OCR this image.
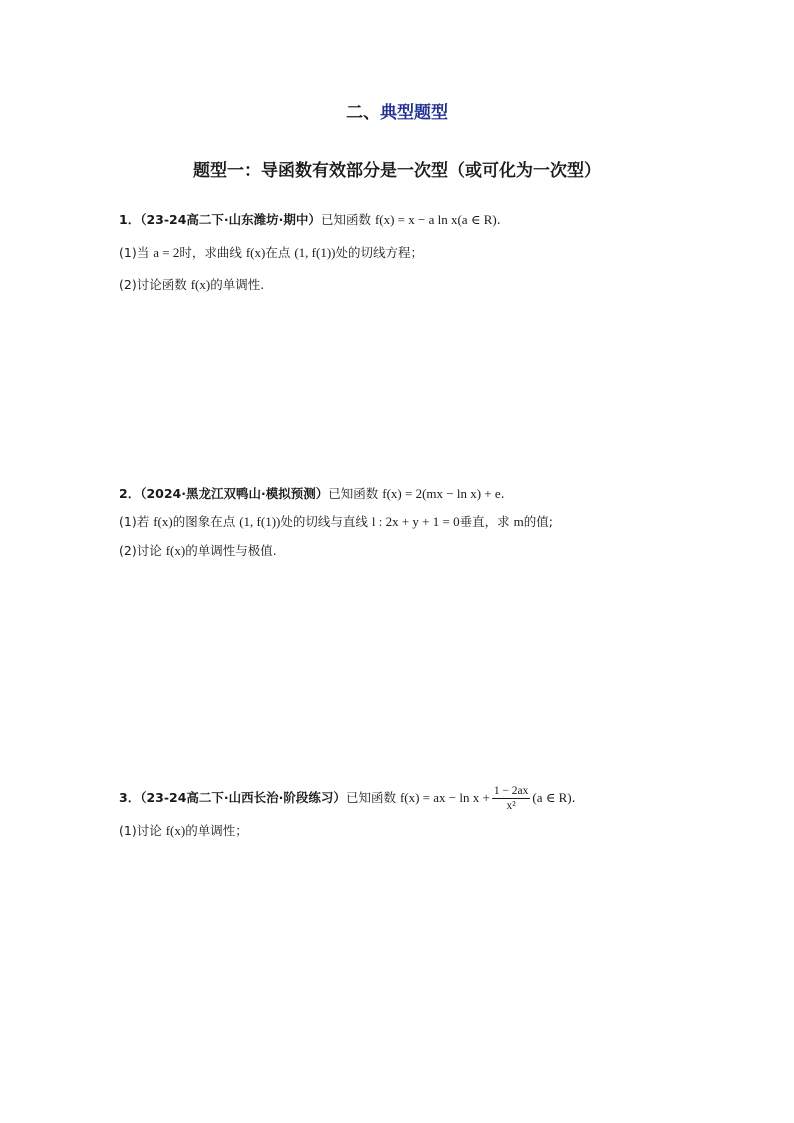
二、典型题型
题型一：导函数有效部分是一次型（或可化为一次型）
1．（23-24高二下·山东潍坊·期中）已知函数 f(x) = x − a ln x(a ∈ R).
(1)当 a = 2时，求曲线 f(x)在点 (1, f(1))处的切线方程；
(2)讨论函数 f(x)的单调性.
2．（2024·黑龙江双鸭山·模拟预测）已知函数 f(x) = 2(mx − ln x) + e.
(1)若 f(x)的图象在点 (1, f(1))处的切线与直线 l : 2x + y + 1 = 0垂直，求 m的值;
(2)讨论 f(x)的单调性与极值.
3．（23-24高二下·山西长治·阶段练习）已知函数 f(x) = ax − $\ln x + \frac{1 - 2ax}{\text{x²}} (a$ ∈ R).
(1)讨论 f(x)的单调性；
